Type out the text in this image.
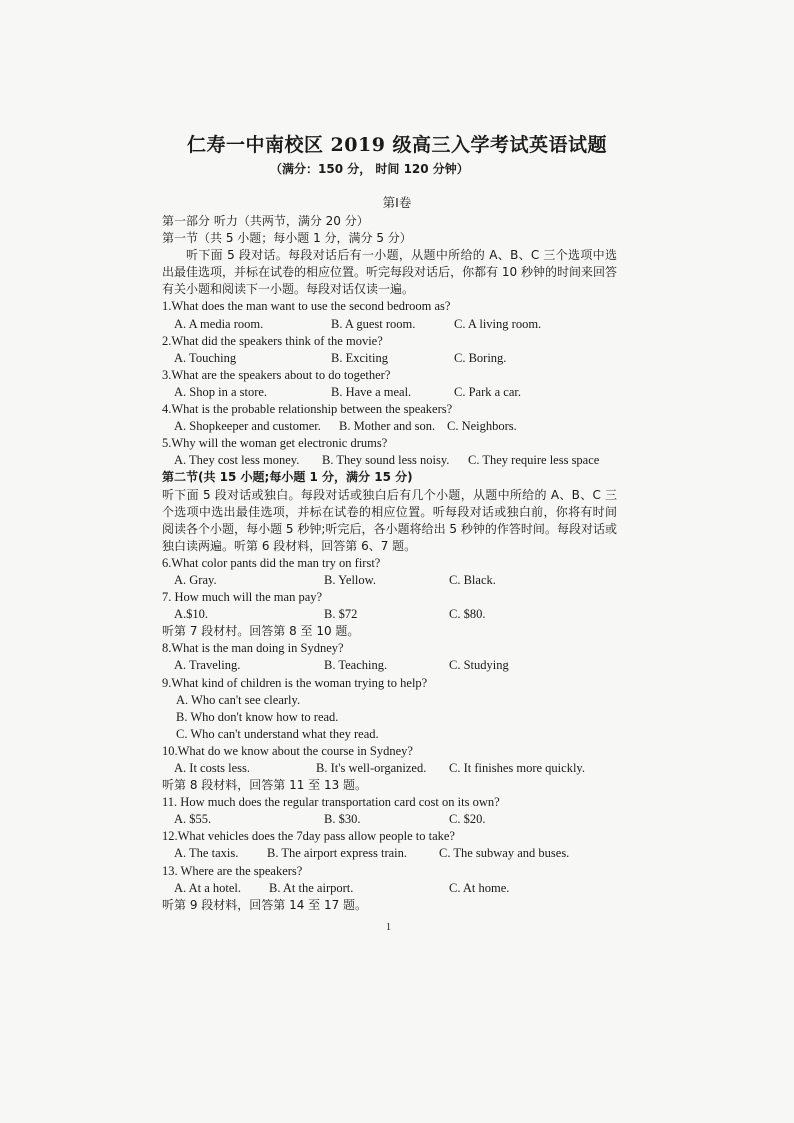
仁寿一中南校区 2019 级高三入学考试英语试题
（满分：150 分， 时间 120 分钟）
第Ⅰ卷
第一部分 听力（共两节，满分 20 分）
第一节（共 5 小题；每小题 1 分，满分 5 分）

听下面 5 段对话。每段对话后有一小题，从题中所给的 A、B、C 三个选项中选出最佳选项，并标在试卷的相应位置。听完每段对话后，你都有 10 秒钟的时间来回答有关小题和阅读下一小题。每段对话仅读一遍。

1.What does the man want to use the second bedroom as?
A. A media room.	B. A guest room.	C. A living room.
2.What did the speakers think of the movie?
A. Touching	B. Exciting	C. Boring.
3.What are the speakers about to do together?
A. Shop in a store.	B. Have a meal.	C. Park a car.
4.What is the probable relationship between the speakers?
A. Shopkeeper and customer.	B. Mother and son. C. Neighbors.
5.Why will the woman get electronic drums?
A. They cost less money.	B. They sound less noisy.	C. They require less space
第二节(共 15 小题;每小题 1 分，满分 15 分)

听下面 5 段对话或独白。每段对话或独白后有几个小题，从题中所给的 A、B、C 三个选项中选出最佳选项，并标在试卷的相应位置。听每段对话或独白前，你将有时间阅读各个小题，每小题 5 秒钟;听完后，各小题将给出 5 秒钟的作答时间。每段对话或独白读两遍。听第 6 段材料，回答第 6、7 题。

6.What color pants did the man try on first?
A. Gray.	B. Yellow.	C. Black.
7. How much will the man pay?
A.$10.	B. $72	C. $80.
听第 7 段材村。回答第 8 至 10 题。
8.What is the man doing in Sydney?
A. Traveling.	B. Teaching.	C. Studying
9.What kind of children is the woman trying to help?
A. Who can't see clearly.
B. Who don't know how to read.
C. Who can't understand what they read.
10.What do we know about the course in Sydney?
A. It costs less.	B. It's well-organized.	C. It finishes more quickly.
听第 8 段材料，回答第 11 至 13 题。
11. How much does the regular transportation card cost on its own?
A. $55.	B. $30.	C. $20.
12.What vehicles does the 7day pass allow people to take?
A. The taxis.	B. The airport express train.	C. The subway and buses.
13. Where are the speakers?
A. At a hotel.	B. At the airport.	C. At home.
听第 9 段材料，回答第 14 至 17 题。
1
